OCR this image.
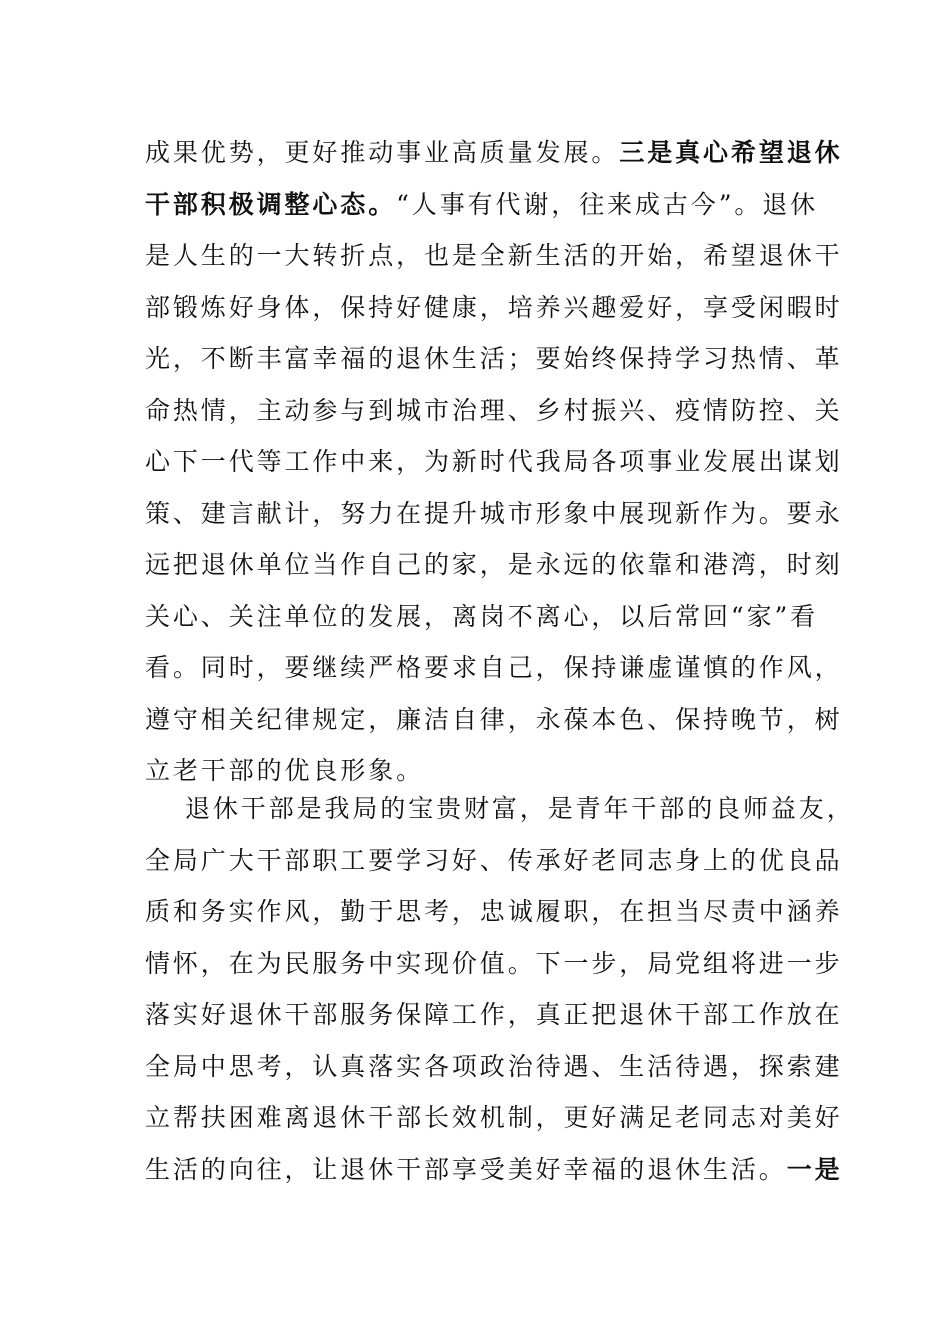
成果优势，更好推动事业高质量发展。三是真心希望退休
干部积极调整心态。“人事有代谢，往来成古今”。退休
是人生的一大转折点，也是全新生活的开始，希望退休干
部锻炼好身体，保持好健康，培养兴趣爱好，享受闲暇时
光，不断丰富幸福的退休生活；要始终保持学习热情、革
命热情，主动参与到城市治理、乡村振兴、疫情防控、关
心下一代等工作中来，为新时代我局各项事业发展出谋划
策、建言献计，努力在提升城市形象中展现新作为。要永
远把退休单位当作自己的家，是永远的依靠和港湾，时刻
关心、关注单位的发展，离岗不离心，以后常回“家”看
看。同时，要继续严格要求自己，保持谦虚谨慎的作风，
遵守相关纪律规定，廉洁自律，永葆本色、保持晚节，树
立老干部的优良形象。
退休干部是我局的宝贵财富，是青年干部的良师益友，
全局广大干部职工要学习好、传承好老同志身上的优良品
质和务实作风，勤于思考，忠诚履职，在担当尽责中涵养
情怀，在为民服务中实现价值。下一步，局党组将进一步
落实好退休干部服务保障工作，真正把退休干部工作放在
全局中思考，认真落实各项政治待遇、生活待遇，探索建
立帮扶困难离退休干部长效机制，更好满足老同志对美好
生活的向往，让退休干部享受美好幸福的退休生活。一是
